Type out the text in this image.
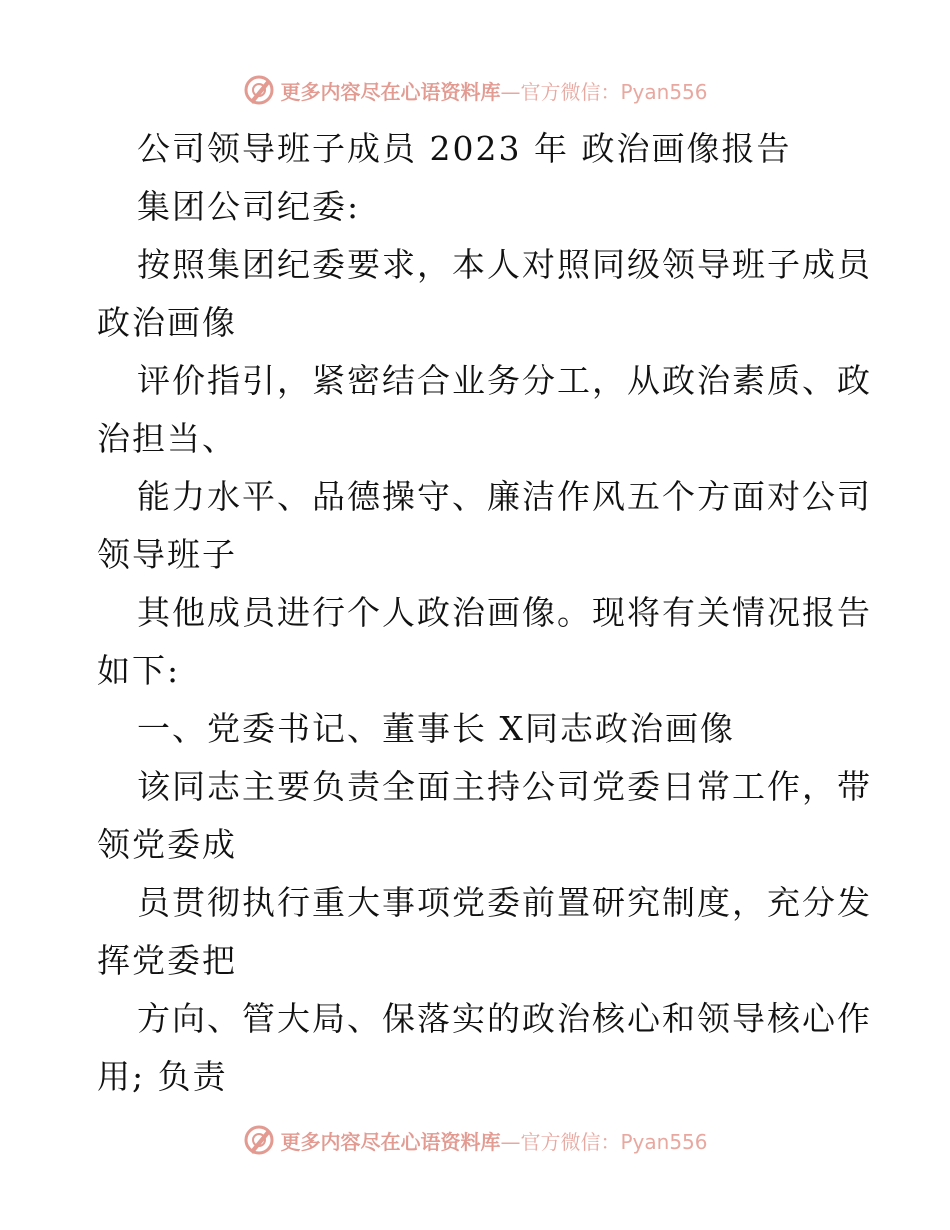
更多内容尽在心语资料库—官方微信：Pyan556
公司领导班子成员 2023 年 政治画像报告
集团公司纪委:
按照集团纪委要求，本人对照同级领导班子成员
政治画像
评价指引，紧密结合业务分工，从政治素质、政
治担当、
能力水平、品德操守、廉洁作风五个方面对公司
领导班子
其他成员进行个人政治画像。现将有关情况报告
如下:
一、党委书记、董事长 X同志政治画像
该同志主要负责全面主持公司党委日常工作，带
领党委成
员贯彻执行重大事项党委前置研究制度，充分发
挥党委把
方向、管大局、保落实的政治核心和领导核心作
用; 负责
更多内容尽在心语资料库—官方微信：Pyan556
